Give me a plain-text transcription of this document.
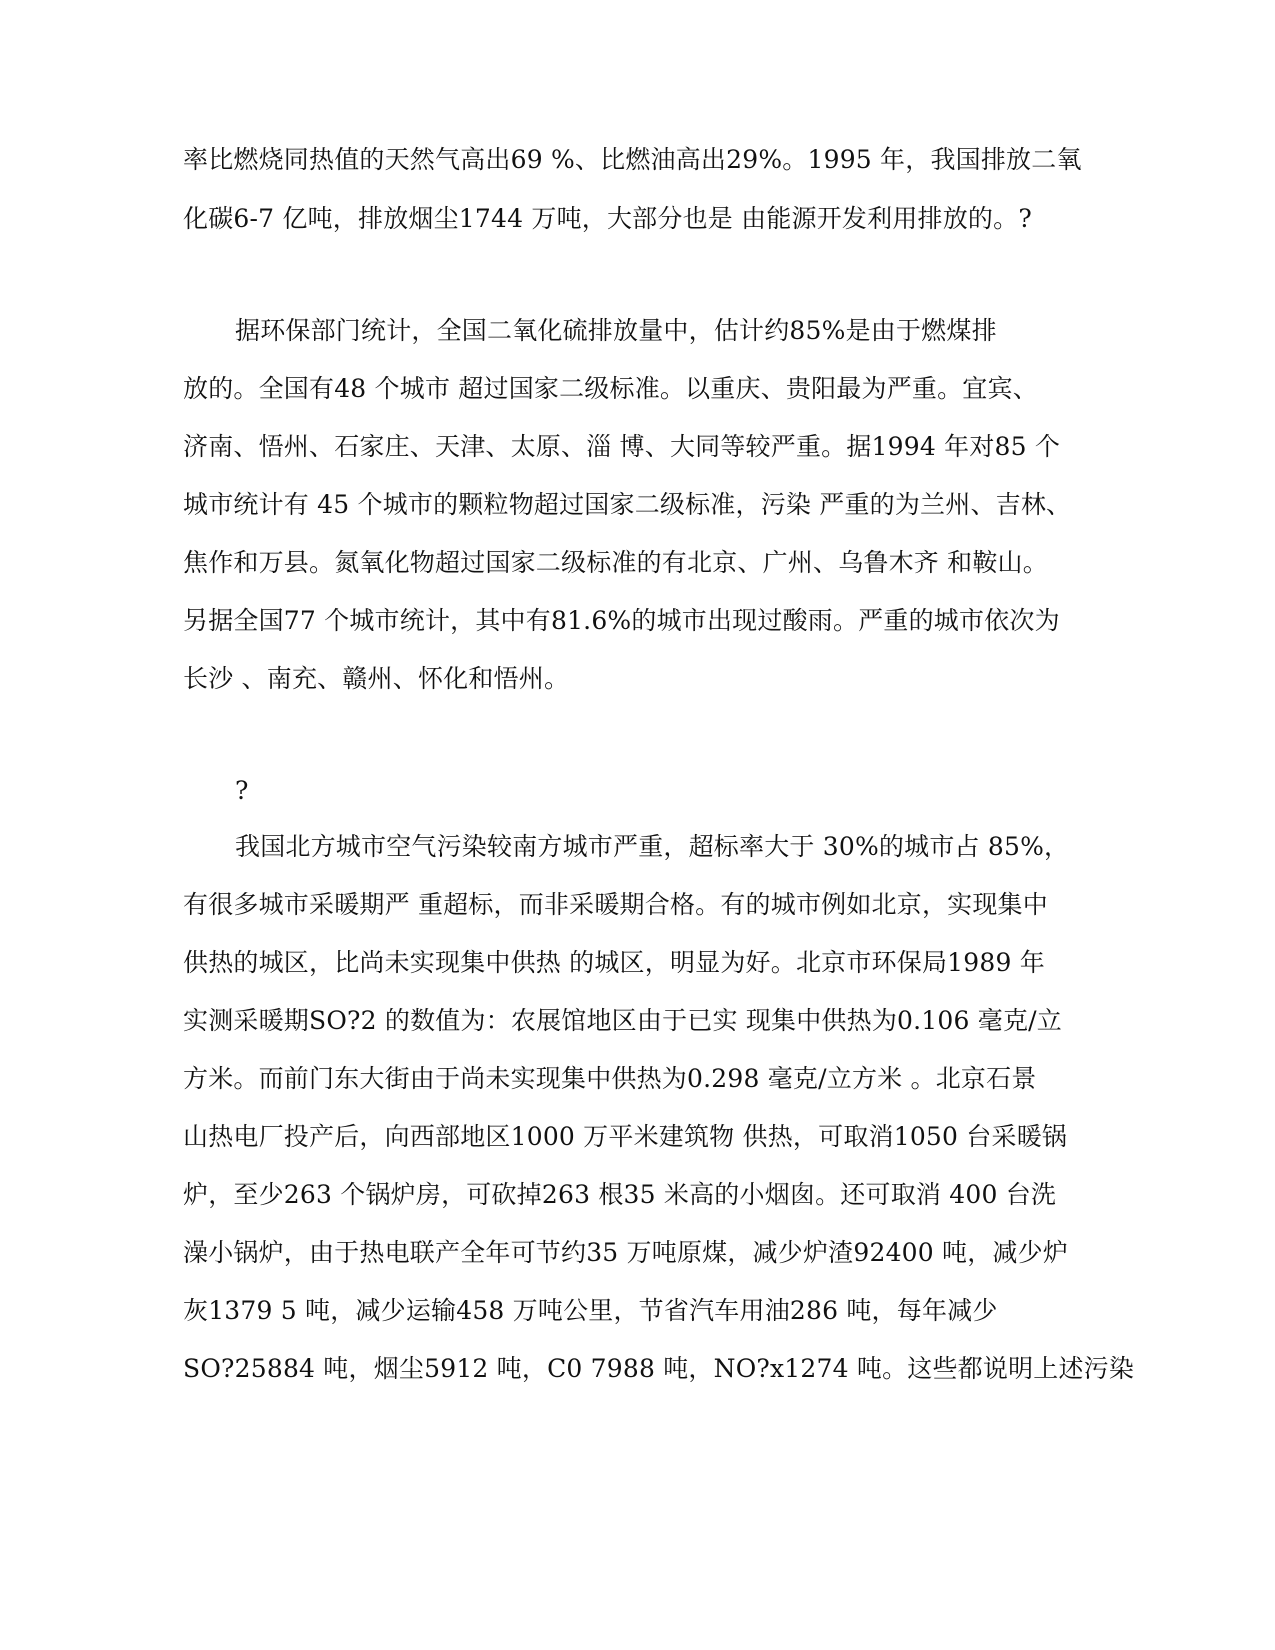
率比燃烧同热值的天然气高出69 %、比燃油高出29%。1995 年，我国排放二氧
化碳6-7 亿吨，排放烟尘1744 万吨，大部分也是 由能源开发利用排放的。?
据环保部门统计，全国二氧化硫排放量中，估计约85%是由于燃煤排
放的。全国有48 个城市 超过国家二级标准。以重庆、贵阳最为严重。宜宾、
济南、悟州、石家庄、天津、太原、淄 博、大同等较严重。据1994 年对85 个
城市统计有 45 个城市的颗粒物超过国家二级标准，污染 严重的为兰州、吉林、
焦作和万县。氮氧化物超过国家二级标准的有北京、广州、乌鲁木齐 和鞍山。
另据全国77 个城市统计，其中有81.6%的城市出现过酸雨。严重的城市依次为
长沙 、南充、赣州、怀化和悟州。
?
我国北方城市空气污染较南方城市严重，超标率大于 30%的城市占 85%，
有很多城市采暖期严 重超标，而非采暖期合格。有的城市例如北京，实现集中
供热的城区，比尚未实现集中供热 的城区，明显为好。北京市环保局1989 年
实测采暖期SO?2 的数值为：农展馆地区由于已实 现集中供热为0.106 毫克/立
方米。而前门东大街由于尚未实现集中供热为0.298 毫克/立方米 。北京石景
山热电厂投产后，向西部地区1000 万平米建筑物 供热，可取消1050 台采暖锅
炉，至少263 个锅炉房，可砍掉263 根35 米高的小烟囱。还可取消 400 台洗
澡小锅炉，由于热电联产全年可节约35 万吨原煤，减少炉渣92400 吨，减少炉
灰1379 5 吨，减少运输458 万吨公里，节省汽车用油286 吨，每年减少
SO?25884 吨，烟尘5912 吨，C0 7988 吨，NO?x1274 吨。这些都说明上述污染
